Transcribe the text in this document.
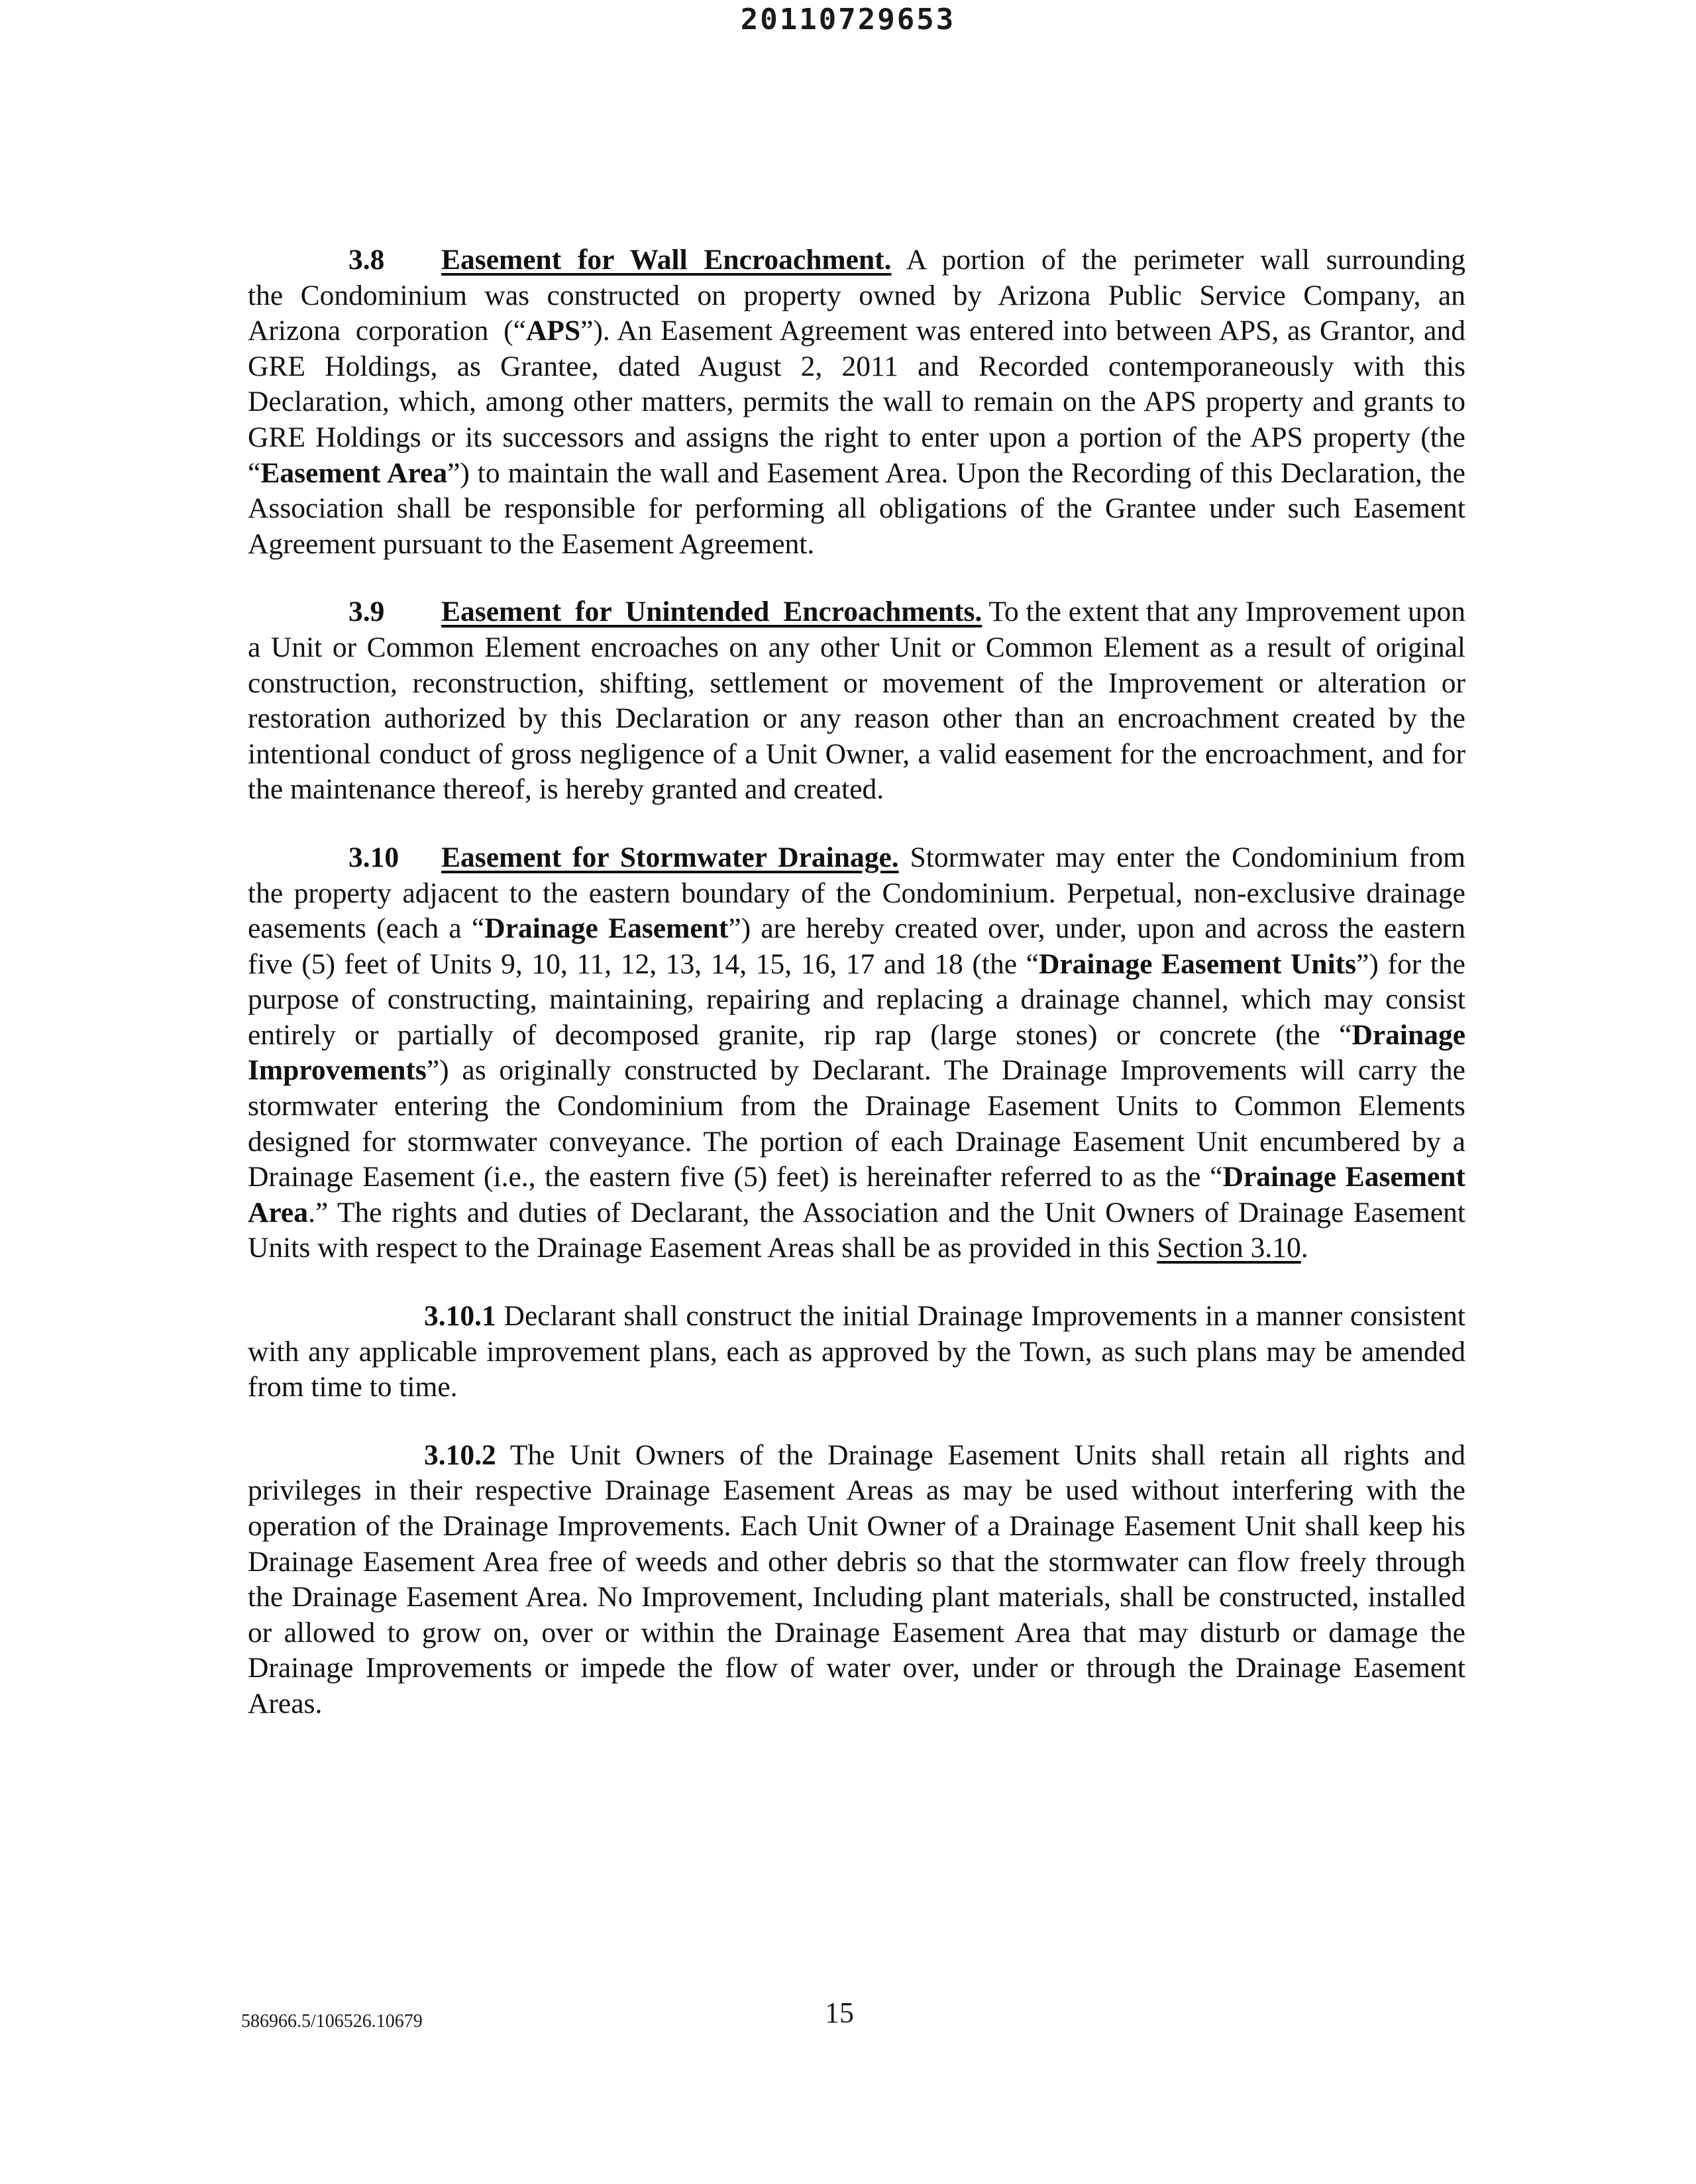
20110729653

3.8 Easement for Wall Encroachment. A portion of the perimeter wall surrounding the Condominium was constructed on property owned by Arizona Public Service Company, an Arizona corporation (“APS”). An Easement Agreement was entered into between APS, as Grantor, and GRE Holdings, as Grantee, dated August 2, 2011 and Recorded contemporaneously with this Declaration, which, among other matters, permits the wall to remain on the APS property and grants to GRE Holdings or its successors and assigns the right to enter upon a portion of the APS property (the “Easement Area”) to maintain the wall and Easement Area. Upon the Recording of this Declaration, the Association shall be responsible for performing all obligations of the Grantee under such Easement Agreement pursuant to the Easement Agreement.

3.9 Easement for Unintended Encroachments. To the extent that any Improvement upon a Unit or Common Element encroaches on any other Unit or Common Element as a result of original construction, reconstruction, shifting, settlement or movement of the Improvement or alteration or restoration authorized by this Declaration or any reason other than an encroachment created by the intentional conduct of gross negligence of a Unit Owner, a valid easement for the encroachment, and for the maintenance thereof, is hereby granted and created.

3.10 Easement for Stormwater Drainage. Stormwater may enter the Condominium from the property adjacent to the eastern boundary of the Condominium. Perpetual, non-exclusive drainage easements (each a “Drainage Easement”) are hereby created over, under, upon and across the eastern five (5) feet of Units 9, 10, 11, 12, 13, 14, 15, 16, 17 and 18 (the “Drainage Easement Units”) for the purpose of constructing, maintaining, repairing and replacing a drainage channel, which may consist entirely or partially of decomposed granite, rip rap (large stones) or concrete (the “Drainage Improvements”) as originally constructed by Declarant. The Drainage Improvements will carry the stormwater entering the Condominium from the Drainage Easement Units to Common Elements designed for stormwater conveyance. The portion of each Drainage Easement Unit encumbered by a Drainage Easement (i.e., the eastern five (5) feet) is hereinafter referred to as the “Drainage Easement Area.” The rights and duties of Declarant, the Association and the Unit Owners of Drainage Easement Units with respect to the Drainage Easement Areas shall be as provided in this Section 3.10.

3.10.1 Declarant shall construct the initial Drainage Improvements in a manner consistent with any applicable improvement plans, each as approved by the Town, as such plans may be amended from time to time.

3.10.2 The Unit Owners of the Drainage Easement Units shall retain all rights and privileges in their respective Drainage Easement Areas as may be used without interfering with the operation of the Drainage Improvements. Each Unit Owner of a Drainage Easement Unit shall keep his Drainage Easement Area free of weeds and other debris so that the stormwater can flow freely through the Drainage Easement Area. No Improvement, Including plant materials, shall be constructed, installed or allowed to grow on, over or within the Drainage Easement Area that may disturb or damage the Drainage Improvements or impede the flow of water over, under or through the Drainage Easement Areas.

586966.5/106526.10679	15
